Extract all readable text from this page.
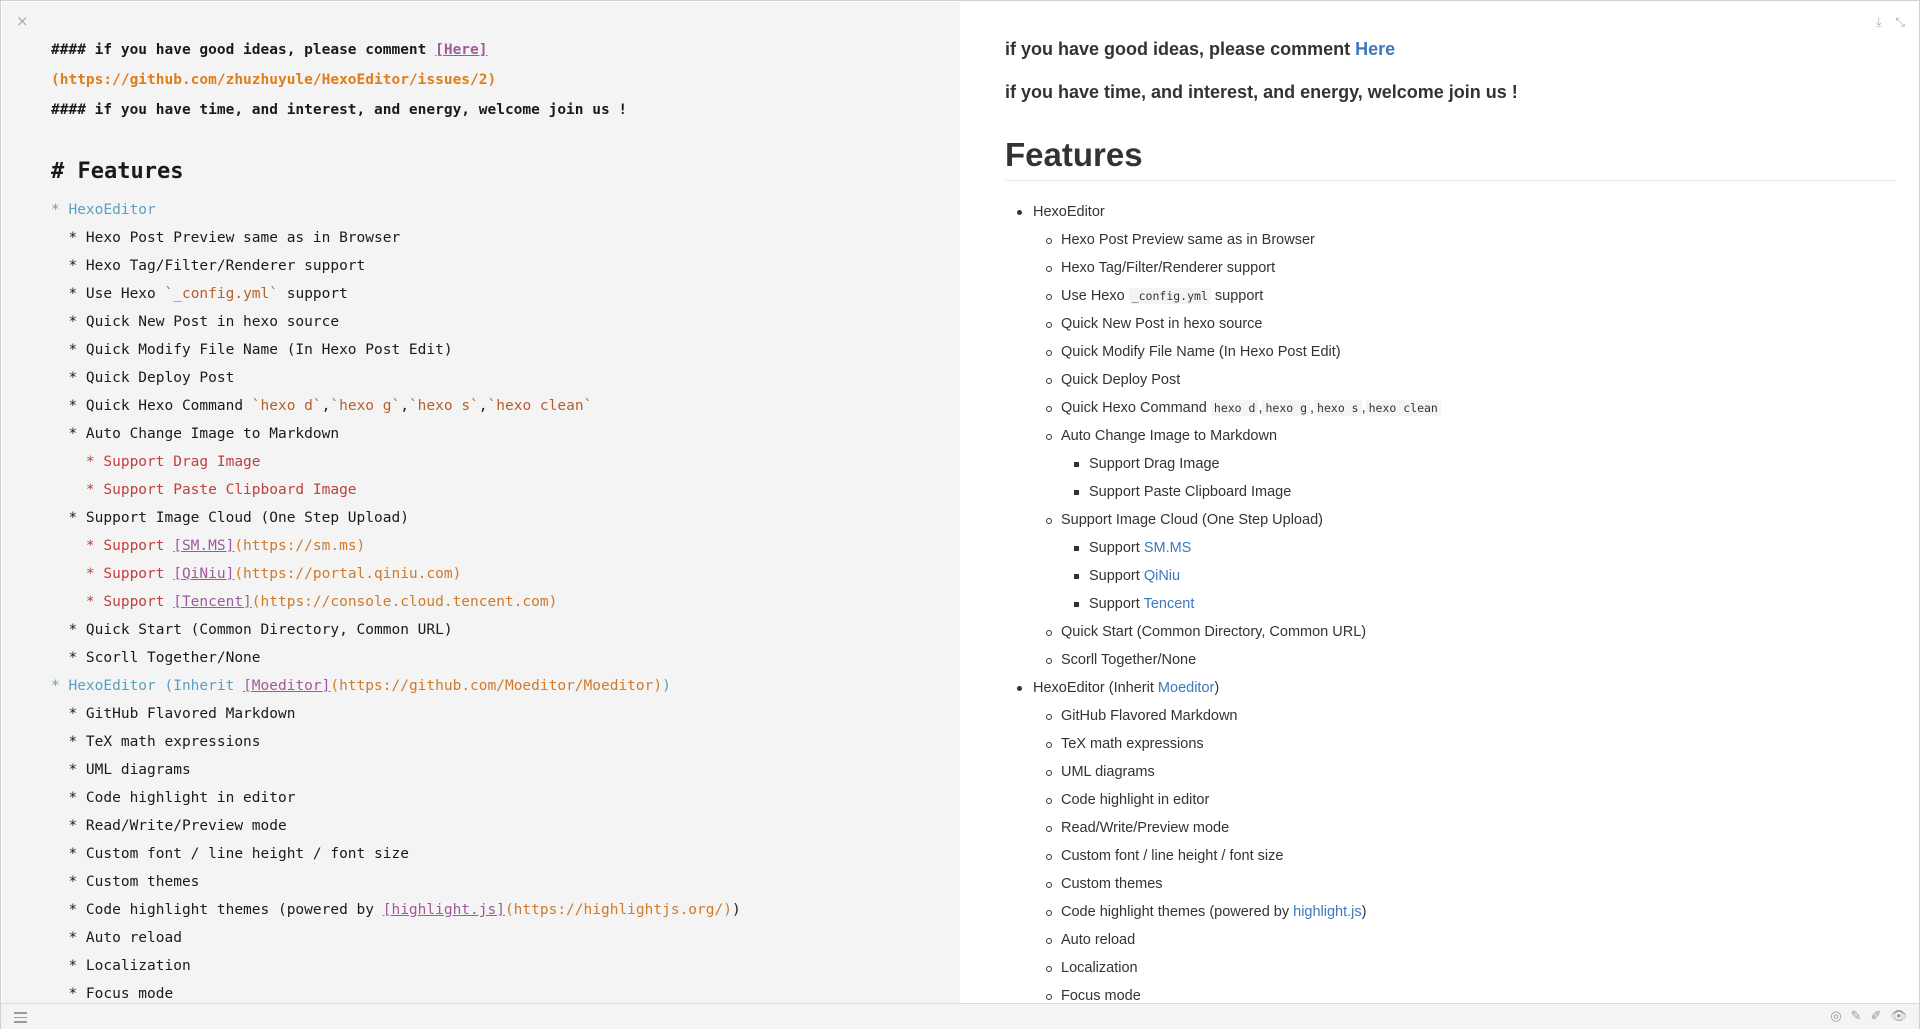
×
#### if you have good ideas, please comment [Here]
(https://github.com/zhuzhuyule/HexoEditor/issues/2)
#### if you have time, and interest, and energy, welcome join us !
# Features
* HexoEditor
* Hexo Post Preview same as in Browser
* Hexo Tag/Filter/Renderer support
* Use Hexo `_config.yml` support
* Quick New Post in hexo source
* Quick Modify File Name (In Hexo Post Edit)
* Quick Deploy Post
* Quick Hexo Command `hexo d`,`hexo g`,`hexo s`,`hexo clean`
* Auto Change Image to Markdown
* Support Drag Image
* Support Paste Clipboard Image
* Support Image Cloud (One Step Upload)
* Support [SM.MS](https://sm.ms)
* Support [QiNiu](https://portal.qiniu.com)
* Support [Tencent](https://console.cloud.tencent.com)
* Quick Start (Common Directory, Common URL)
* Scorll Together/None
* HexoEditor (Inherit [Moeditor](https://github.com/Moeditor/Moeditor))
* GitHub Flavored Markdown
* TeX math expressions
* UML diagrams
* Code highlight in editor
* Read/Write/Preview mode
* Custom font / line height / font size
* Custom themes
* Code highlight themes (powered by [highlight.js](https://highlightjs.org/))
* Auto reload
* Localization
* Focus mode
⤓ ⤡
if you have good ideas, please comment Here
if you have time, and interest, and energy, welcome join us !
Features
HexoEditor
Hexo Post Preview same as in Browser
Hexo Tag/Filter/Renderer support
Use Hexo _config.yml support
Quick New Post in hexo source
Quick Modify File Name (In Hexo Post Edit)
Quick Deploy Post
Quick Hexo Command hexo d , hexo g , hexo s , hexo clean
Auto Change Image to Markdown
Support Drag Image
Support Paste Clipboard Image
Support Image Cloud (One Step Upload)
Support SM.MS
Support QiNiu
Support Tencent
Quick Start (Common Directory, Common URL)
Scorll Together/None
HexoEditor (Inherit Moeditor)
GitHub Flavored Markdown
TeX math expressions
UML diagrams
Code highlight in editor
Read/Write/Preview mode
Custom font / line height / font size
Custom themes
Code highlight themes (powered by highlight.js)
Auto reload
Localization
Focus mode
◎ ✎ ✐ 👁
